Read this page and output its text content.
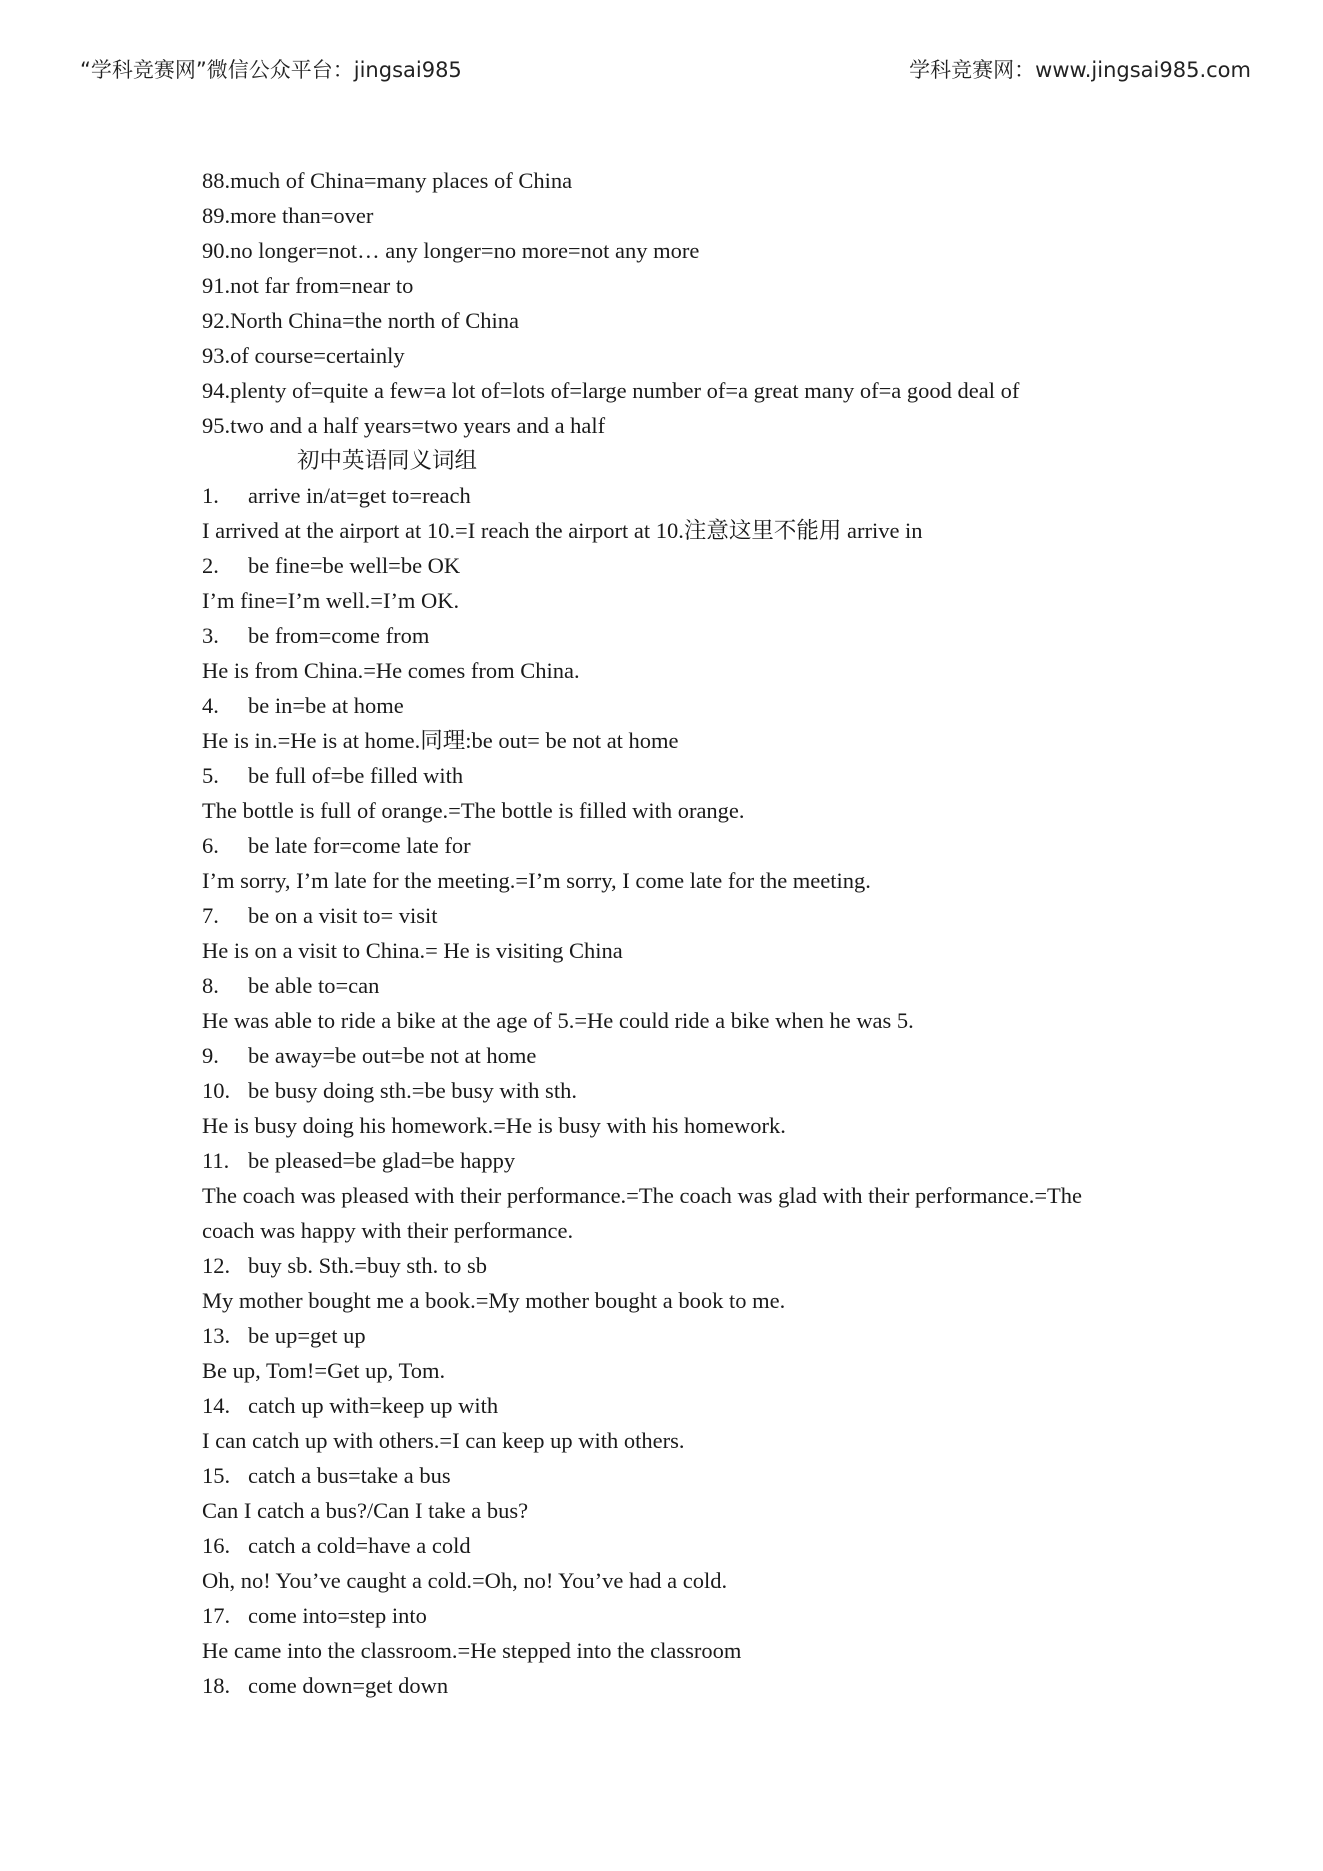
“学科竞赛网”微信公众平台：jingsai985	学科竞赛网：www.jingsai985.com
88.much of China=many places of China
89.more than=over
90.no longer=not… any longer=no more=not any more
91.not far from=near to
92.North China=the north of China
93.of course=certainly
94.plenty of=quite a few=a lot of=lots of=large number of=a great many of=a good deal of
95.two and a half years=two years and a half
初中英语同义词组
1. arrive in/at=get to=reach
I arrived at the airport at 10.=I reach the airport at 10.注意这里不能用 arrive in
2. be fine=be well=be OK
I’m fine=I’m well.=I’m OK.
3. be from=come from
He is from China.=He comes from China.
4. be in=be at home
He is in.=He is at home.同理:be out= be not at home
5. be full of=be filled with
The bottle is full of orange.=The bottle is filled with orange.
6. be late for=come late for
I’m sorry, I’m late for the meeting.=I’m sorry, I come late for the meeting.
7. be on a visit to= visit
He is on a visit to China.= He is visiting China
8. be able to=can
He was able to ride a bike at the age of 5.=He could ride a bike when he was 5.
9. be away=be out=be not at home
10. be busy doing sth.=be busy with sth.
He is busy doing his homework.=He is busy with his homework.
11. be pleased=be glad=be happy
The coach was pleased with their performance.=The coach was glad with their performance.=The
coach was happy with their performance.
12. buy sb. Sth.=buy sth. to sb
My mother bought me a book.=My mother bought a book to me.
13. be up=get up
Be up, Tom!=Get up, Tom.
14. catch up with=keep up with
I can catch up with others.=I can keep up with others.
15. catch a bus=take a bus
Can I catch a bus?/Can I take a bus?
16. catch a cold=have a cold
Oh, no! You’ve caught a cold.=Oh, no! You’ve had a cold.
17. come into=step into
He came into the classroom.=He stepped into the classroom
18. come down=get down
